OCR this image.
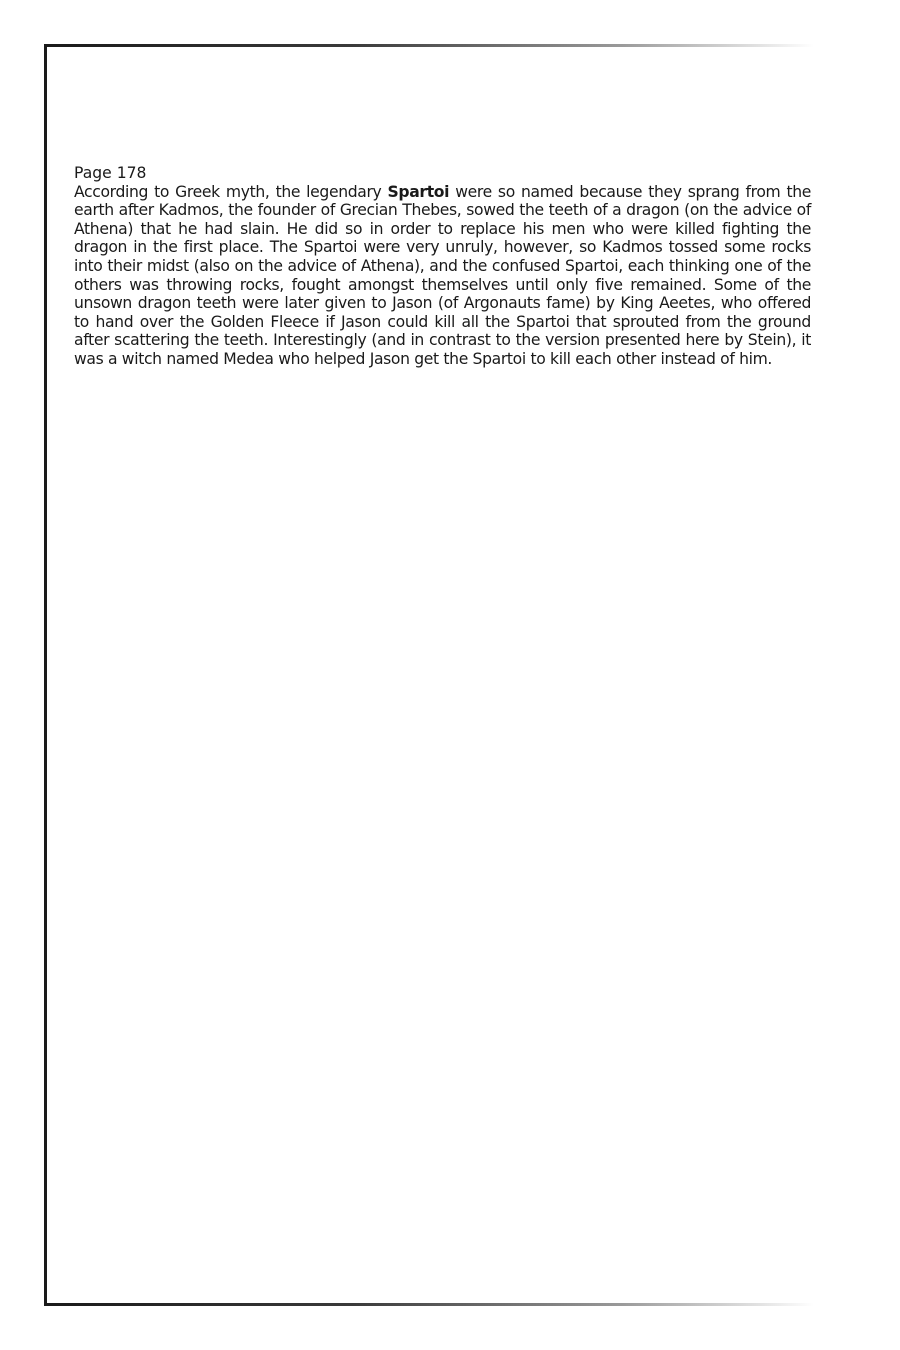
Page 178

According to Greek myth, the legendary Spartoi were so named because they sprang from the earth after Kadmos, the founder of Grecian Thebes, sowed the teeth of a dragon (on the advice of Athena) that he had slain. He did so in order to replace his men who were killed fighting the dragon in the first place. The Spartoi were very unruly, however, so Kadmos tossed some rocks into their midst (also on the advice of Athena), and the confused Spartoi, each thinking one of the others was throwing rocks, fought amongst themselves until only five remained. Some of the unsown dragon teeth were later given to Jason (of Argonauts fame) by King Aeetes, who offered to hand over the Golden Fleece if Jason could kill all the Spartoi that sprouted from the ground after scattering the teeth. Interestingly (and in contrast to the version presented here by Stein), it was a witch named Medea who helped Jason get the Spartoi to kill each other instead of him.
